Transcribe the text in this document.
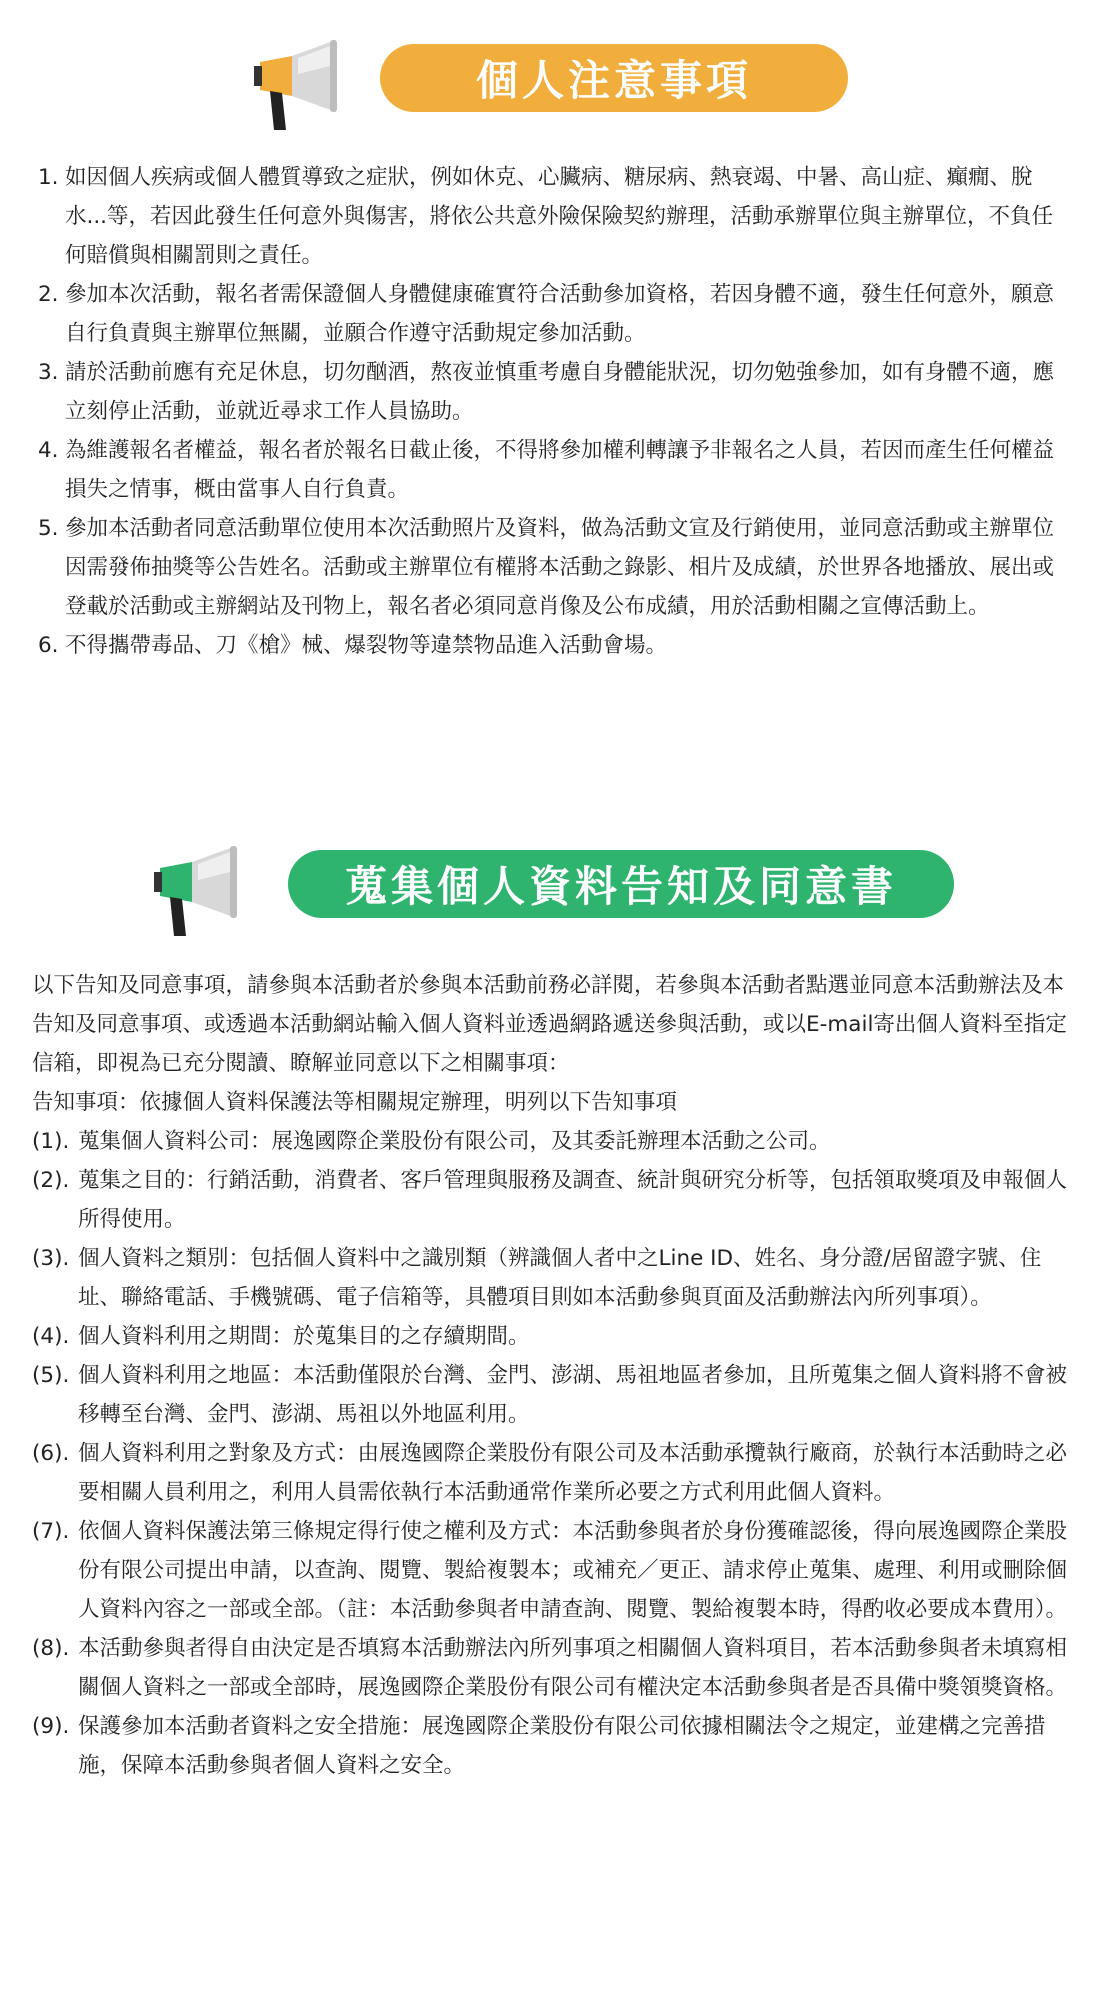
個人注意事項
1. 如因個人疾病或個人體質導致之症狀，例如休克、心臟病、糖尿病、熱衰竭、中暑、高山症、癲癇、脫水...等，若因此發生任何意外與傷害，將依公共意外險保險契約辦理，活動承辦單位與主辦單位，不負任何賠償與相關罰則之責任。
2. 參加本次活動，報名者需保證個人身體健康確實符合活動參加資格，若因身體不適，發生任何意外，願意自行負責與主辦單位無關，並願合作遵守活動規定參加活動。
3. 請於活動前應有充足休息，切勿酗酒，熬夜並慎重考慮自身體能狀況，切勿勉強參加，如有身體不適，應立刻停止活動，並就近尋求工作人員協助。
4. 為維護報名者權益，報名者於報名日截止後，不得將參加權利轉讓予非報名之人員，若因而產生任何權益損失之情事，概由當事人自行負責。
5. 參加本活動者同意活動單位使用本次活動照片及資料，做為活動文宣及行銷使用，並同意活動或主辦單位因需發佈抽獎等公告姓名。活動或主辦單位有權將本活動之錄影、相片及成績，於世界各地播放、展出或登載於活動或主辦網站及刊物上，報名者必須同意肖像及公布成績，用於活動相關之宣傳活動上。
6. 不得攜帶毒品、刀《槍》械、爆裂物等違禁物品進入活動會場。
蒐集個人資料告知及同意書

以下告知及同意事項，請參與本活動者於參與本活動前務必詳閱，若參與本活動者點選並同意本活動辦法及本告知及同意事項、或透過本活動網站輸入個人資料並透過網路遞送參與活動，或以E-mail寄出個人資料至指定信箱，即視為已充分閱讀、瞭解並同意以下之相關事項：

告知事項：依據個人資料保護法等相關規定辦理，明列以下告知事項

(1). 蒐集個人資料公司：展逸國際企業股份有限公司，及其委託辦理本活動之公司。
(2). 蒐集之目的：行銷活動，消費者、客戶管理與服務及調查、統計與研究分析等，包括領取獎項及申報個人所得使用。
(3). 個人資料之類別：包括個人資料中之識別類（辨識個人者中之Line ID、姓名、身分證/居留證字號、住址、聯絡電話、手機號碼、電子信箱等，具體項目則如本活動參與頁面及活動辦法內所列事項）。
(4). 個人資料利用之期間：於蒐集目的之存續期間。
(5). 個人資料利用之地區：本活動僅限於台灣、金門、澎湖、馬祖地區者參加，且所蒐集之個人資料將不會被移轉至台灣、金門、澎湖、馬祖以外地區利用。
(6). 個人資料利用之對象及方式：由展逸國際企業股份有限公司及本活動承攬執行廠商，於執行本活動時之必要相關人員利用之，利用人員需依執行本活動通常作業所必要之方式利用此個人資料。
(7). 依個人資料保護法第三條規定得行使之權利及方式：本活動參與者於身份獲確認後，得向展逸國際企業股份有限公司提出申請，以查詢、閱覽、製給複製本；或補充／更正、請求停止蒐集、處理、利用或刪除個人資料內容之一部或全部。（註：本活動參與者申請查詢、閱覽、製給複製本時，得酌收必要成本費用）。
(8). 本活動參與者得自由決定是否填寫本活動辦法內所列事項之相關個人資料項目，若本活動參與者未填寫相關個人資料之一部或全部時，展逸國際企業股份有限公司有權決定本活動參與者是否具備中獎領獎資格。
(9). 保護參加本活動者資料之安全措施：展逸國際企業股份有限公司依據相關法令之規定，並建構之完善措施，保障本活動參與者個人資料之安全。
